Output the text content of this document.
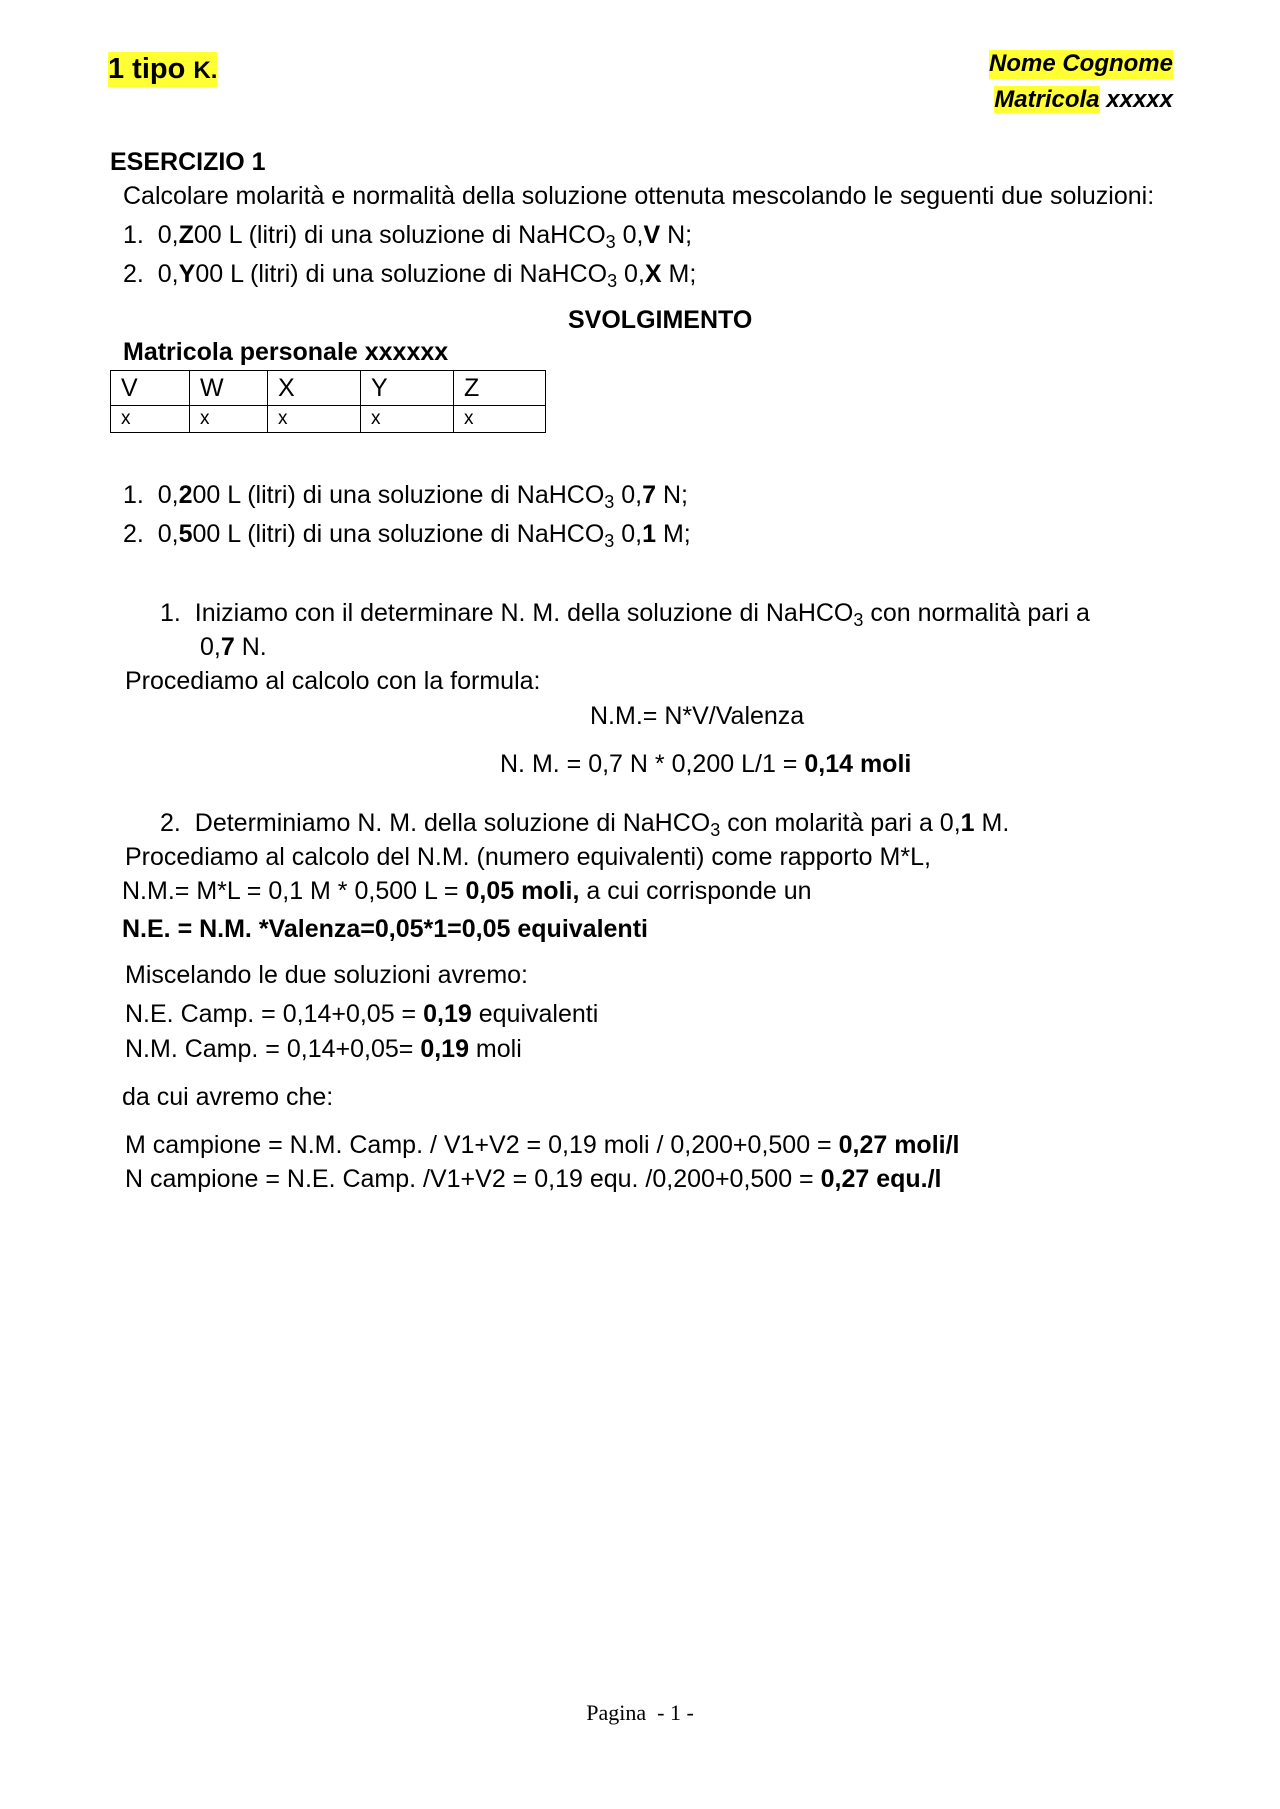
1 tipo K.	Nome Cognome
Matricola xxxxx
ESERCIZIO 1
Calcolare molarità e normalità della soluzione ottenuta mescolando le seguenti due soluzioni:
1. 0,Z00 L (litri) di una soluzione di NaHCO$_3$ 0,V N;
2. 0,Y00 L (litri) di una soluzione di NaHCO$_3$ 0,X M;
SVOLGIMENTO
Matricola personale xxxxxx
V	W	X	Y	Z
x	x	x	x	x
1. 0,200 L (litri) di una soluzione di NaHCO$_3$ 0,7 N;
2. 0,500 L (litri) di una soluzione di NaHCO$_3$ 0,1 M;
1. Iniziamo con il determinare N. M. della soluzione di NaHCO$_3$ con normalità pari a
0,7 N.
Procediamo al calcolo con la formula:
N.M.= N*V/Valenza
N. M. = 0,7 N * 0,200 L/1 = 0,14 moli
2. Determiniamo N. M. della soluzione di NaHCO$_3$ con molarità pari a 0,1 M.
Procediamo al calcolo del N.M. (numero equivalenti) come rapporto M*L,
N.M.= M*L = 0,1 M * 0,500 L = 0,05 moli, a cui corrisponde un
N.E. = N.M. *Valenza=0,05*1=0,05 equivalenti
Miscelando le due soluzioni avremo:
N.E. Camp. = 0,14+0,05 = 0,19 equivalenti
N.M. Camp. = 0,14+0,05= 0,19 moli
da cui avremo che:
M campione = N.M. Camp. / V1+V2 = 0,19 moli / 0,200+0,500 = 0,27 moli/l
N campione = N.E. Camp. /V1+V2 = 0,19 equ. /0,200+0,500 = 0,27 equ./l
Pagina  - 1 -
